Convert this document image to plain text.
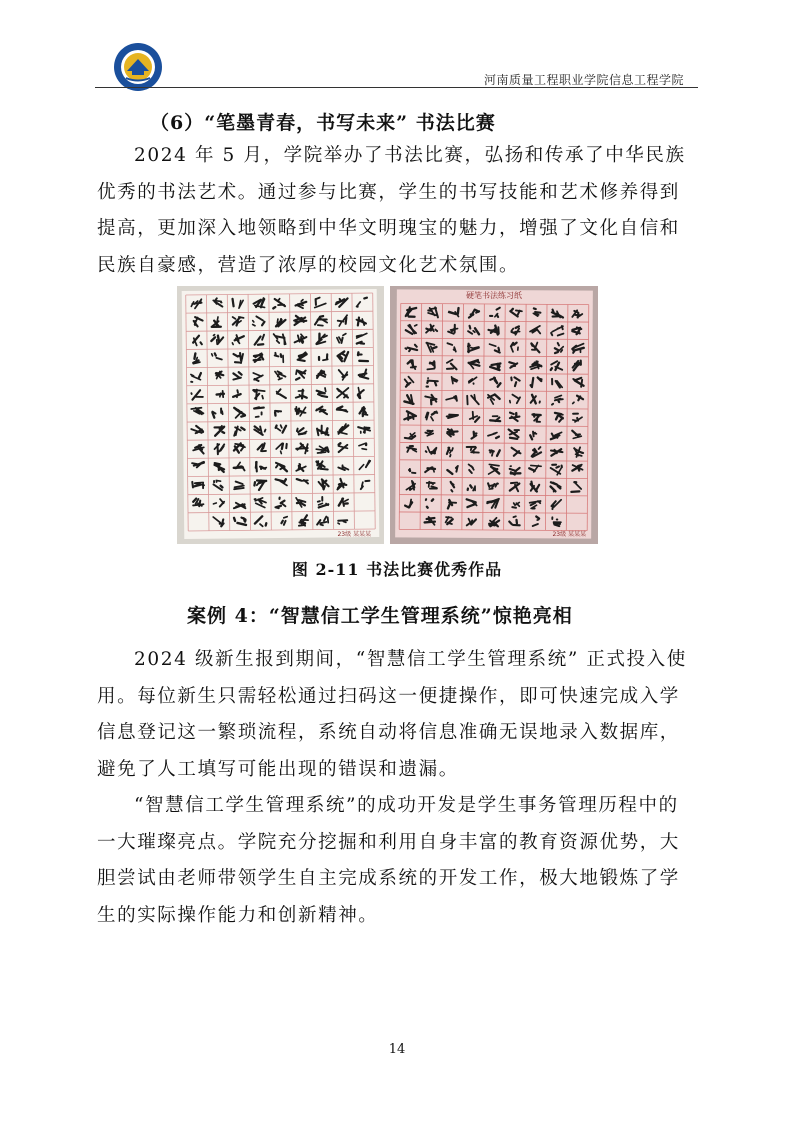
河南质量工程职业学院信息工程学院
（6）“笔墨青春，书写未来” 书法比赛

2024 年 5 月，学院举办了书法比赛，弘扬和传承了中华民族优秀的书法艺术。通过参与比赛，学生的书写技能和艺术修养得到提高，更加深入地领略到中华文明瑰宝的魅力，增强了文化自信和民族自豪感，营造了浓厚的校园文化艺术氛围。

23级 某某某
硬笔书法练习纸
23级 某某某
图 2-11 书法比赛优秀作品
案例 4：“智慧信工学生管理系统”惊艳亮相

2024 级新生报到期间，“智慧信工学生管理系统” 正式投入使用。每位新生只需轻松通过扫码这一便捷操作，即可快速完成入学信息登记这一繁琐流程，系统自动将信息准确无误地录入数据库，避免了人工填写可能出现的错误和遗漏。

“智慧信工学生管理系统”的成功开发是学生事务管理历程中的一大璀璨亮点。学院充分挖掘和利用自身丰富的教育资源优势，大胆尝试由老师带领学生自主完成系统的开发工作，极大地锻炼了学生的实际操作能力和创新精神。

14
